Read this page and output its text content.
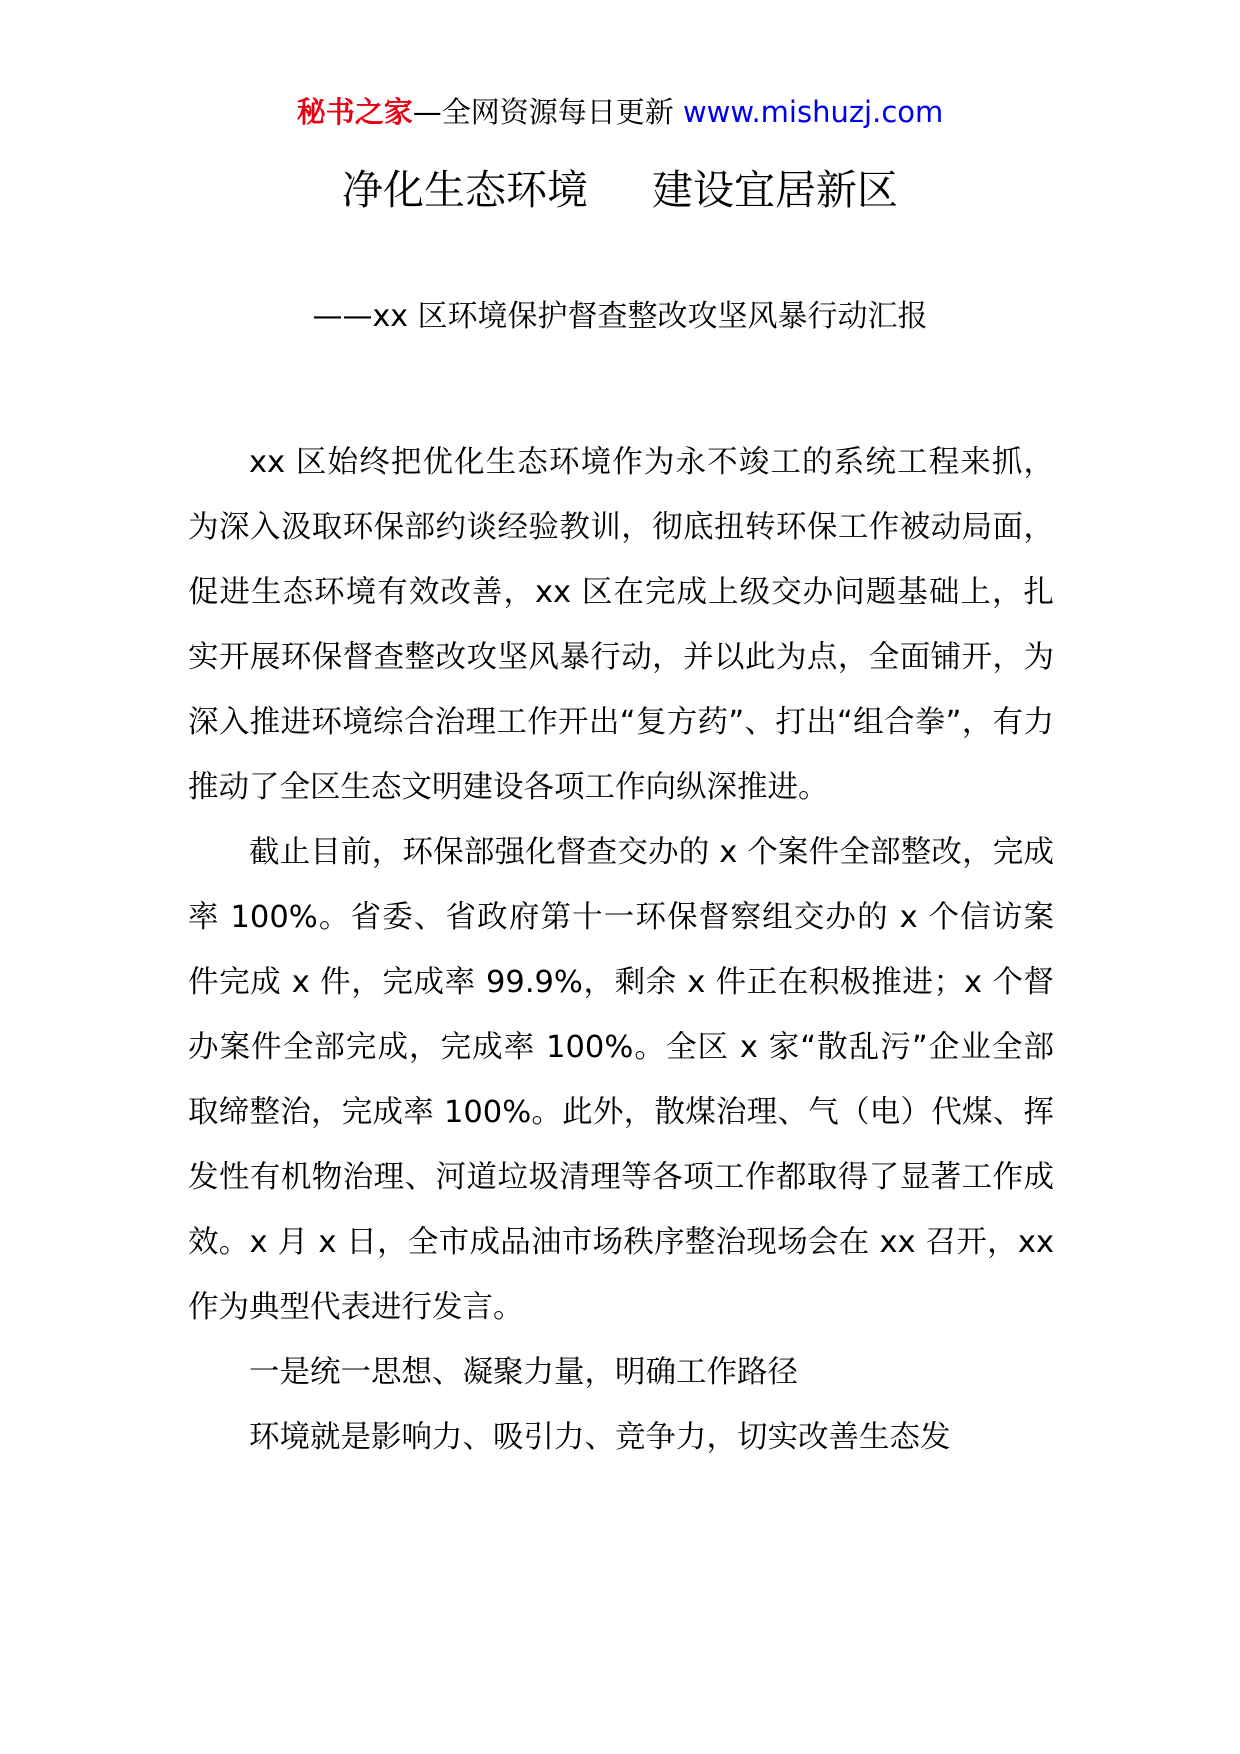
秘书之家—全网资源每日更新 www.mishuzj.com
净化生态环境 建设宜居新区
——xx 区环境保护督查整改攻坚风暴行动汇报

xx 区始终把优化生态环境作为永不竣工的系统工程来抓，为深入汲取环保部约谈经验教训，彻底扭转环保工作被动局面，促进生态环境有效改善，xx 区在完成上级交办问题基础上，扎实开展环保督查整改攻坚风暴行动，并以此为点，全面铺开，为深入推进环境综合治理工作开出“复方药”、打出“组合拳”，有力推动了全区生态文明建设各项工作向纵深推进。

截止目前，环保部强化督查交办的 x 个案件全部整改，完成率 100%。省委、省政府第十一环保督察组交办的 x 个信访案件完成 x 件，完成率 99.9%，剩余 x 件正在积极推进；x 个督办案件全部完成，完成率 100%。全区 x 家“散乱污”企业全部取缔整治，完成率 100%。此外，散煤治理、气（电）代煤、挥发性有机物治理、河道垃圾清理等各项工作都取得了显著工作成效。x 月 x 日，全市成品油市场秩序整治现场会在 xx 召开，xx 作为典型代表进行发言。

一是统一思想、凝聚力量，明确工作路径

环境就是影响力、吸引力、竞争力，切实改善生态发
